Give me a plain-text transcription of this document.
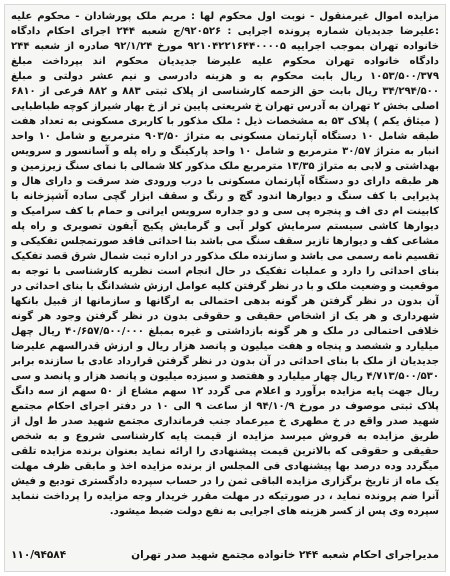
مزایده اموال غیرمنقول - نوبت اول محکوم لها : مریم ملک پورشادان - محکوم علیه :علیرضا جدیدیان شماره پرونده اجرایی : ۹۲۰۵۲۶/ج شعبه ۲۴۴ اجرای احکام دادگاه خانواده تهران بموجب اجراییه ۹۲۱۰۴۲۲۱۶۴۴۰۰۰۰۵ مورخ ۹۲/۱/۲۴ صادره از شعبه ۲۴۴ دادگاه خانواده تهران محکوم علیه علیرضا جدیدیان محکوم اند بپرداخت مبلغ ۱۰۵۳/۵۰۰/۳۷۹ ریال بابت محکوم به و هزینه دادرسی و نیم عشر دولتی و مبلغ ۳۴/۲۹۴/۵۰۰ ریال بابت حق الزحمه کارشناسی از پلاک ثبتی ۸۸۳ و ۸۸۲ فرعی از ۶۸۱۰ اصلی بخش ۲ تهران به آدرس تهران خ شریعتی پایین تر از خ بهار شیراز کوچه طباطبایی ( میثاق یکم ) پلاک ۵۳ به مشخصات ذیل : ملک مذکور با کاربری مسکونی به تعداد هفت طبقه شامل ۱۰ دستگاه آپارتمان مسکونی به متراژ ۹۰۳/۵۰ مترمربع و شامل ۱۰ واحد انبار به متراژ ۳۰/۵۷ مترمربع و شامل ۱۰ واحد پارکینگ و راه پله و آسانسور و سرویس بهداشتی و لابی به متراژ ۱۳/۳۵ مترمربع ملک مذکور کلا شمالی با نمای سنگ زیرزمین و هر طبقه دارای دو دستگاه آپارتمان مسکونی با درب ورودی ضد سرقت و دارای هال و پذیرایی با کف سنگ و دیوارها اندود گچ و رنگ و سقف ابزار گچی ساده آشپزخانه با کابینت ام دی اف و پنجره پی سی و دو جداره سرویس ایرانی و حمام با کف سرامیک و دیوارها کاشی سیستم سرمایش کولر آبی و گرمایش پکیج آیفون تصویری و راه پله مشاعی کف و دیوارها تازیر سقف سنگ می باشد بنا احداثی فاقد صورتمجلس تفکیکی و تقسیم نامه رسمی می باشد و سازنده ملک مذکور در اداره ثبت شمال شرق قصد تفکیک بنای احداثی را دارد و عملیات تفکیک در حال انجام است نظریه کارشناسی با توجه به موقعیت و وضعیت ملک و با در نظر گرفتن کلیه عوامل ارزش ششدانگ با بنای احداثی در آن بدون در نظر گرفتن هر گونه بدهی احتمالی به ارگانها و سازمانها از قبیل بانکها شهرداری و هر یک از اشخاص حقیقی و حقوقی بدون در نظر گرفتن وجود هر گونه خلافی احتمالی در ملک و هر گونه بازداشتی و غیره بمبلغ ۴۰/۶۵۷/۵۰۰/۰۰۰ ریال چهل میلیارد و ششصد و پنجاه و هفت میلیون و پانصد هزار ریال و ارزش قدرالسهم علیرضا جدیدیان از ملک با بنای احداثی در آن بدون در نظر گرفتن قرارداد عادی با سازنده برابر ۴/۷۱۳/۵۰۰/۵۳۰ ریال چهار میلیارد و هفتصد و سیزده میلیون و پانصد هزار و پانصد و سی ریال جهت پایه مزایده برآورد و اعلام می گردد ۱۲ سهم مشاع از ۵۰ سهم از سه دانگ پلاک ثبتی موصوف در مورخ ۹۴/۱۰/۹ از ساعت ۹ الی ۱۰ در دفتر اجرای احکام مجتمع شهید صدر واقع در خ مطهری خ میرعماد جنب فرمانداری مجتمع شهید صدر ط اول از طریق مزایده به فروش میرسد مزایده از قیمت پایه کارشناسی شروع و به شخص حقیقی و حقوقی که بالاترین قیمت پیشنهادی را ارائه نماید بعنوان برنده مزایده تلقی میگردد وده درصد بها پیشنهادی فی المجلس از برنده مزایده اخذ و مابقی ظرف مهلت یک ماه از تاریخ برگزاری مزایده الباقی ثمن را در حساب سپرده دادگستری تودیع و فیش آنرا ضم پرونده نماید ، در صورتیکه در مهلت مقرر خریدار وجه مزایده را پرداخت ننماید سپرده وی پس از کسر هزینه های اجرایی به نفع دولت ضبط میشود.
مدیراجرای احکام شعبه ۲۴۴ خانواده مجتمع شهید صدر تهران
۱۱۰/۹۴۵۸۴
